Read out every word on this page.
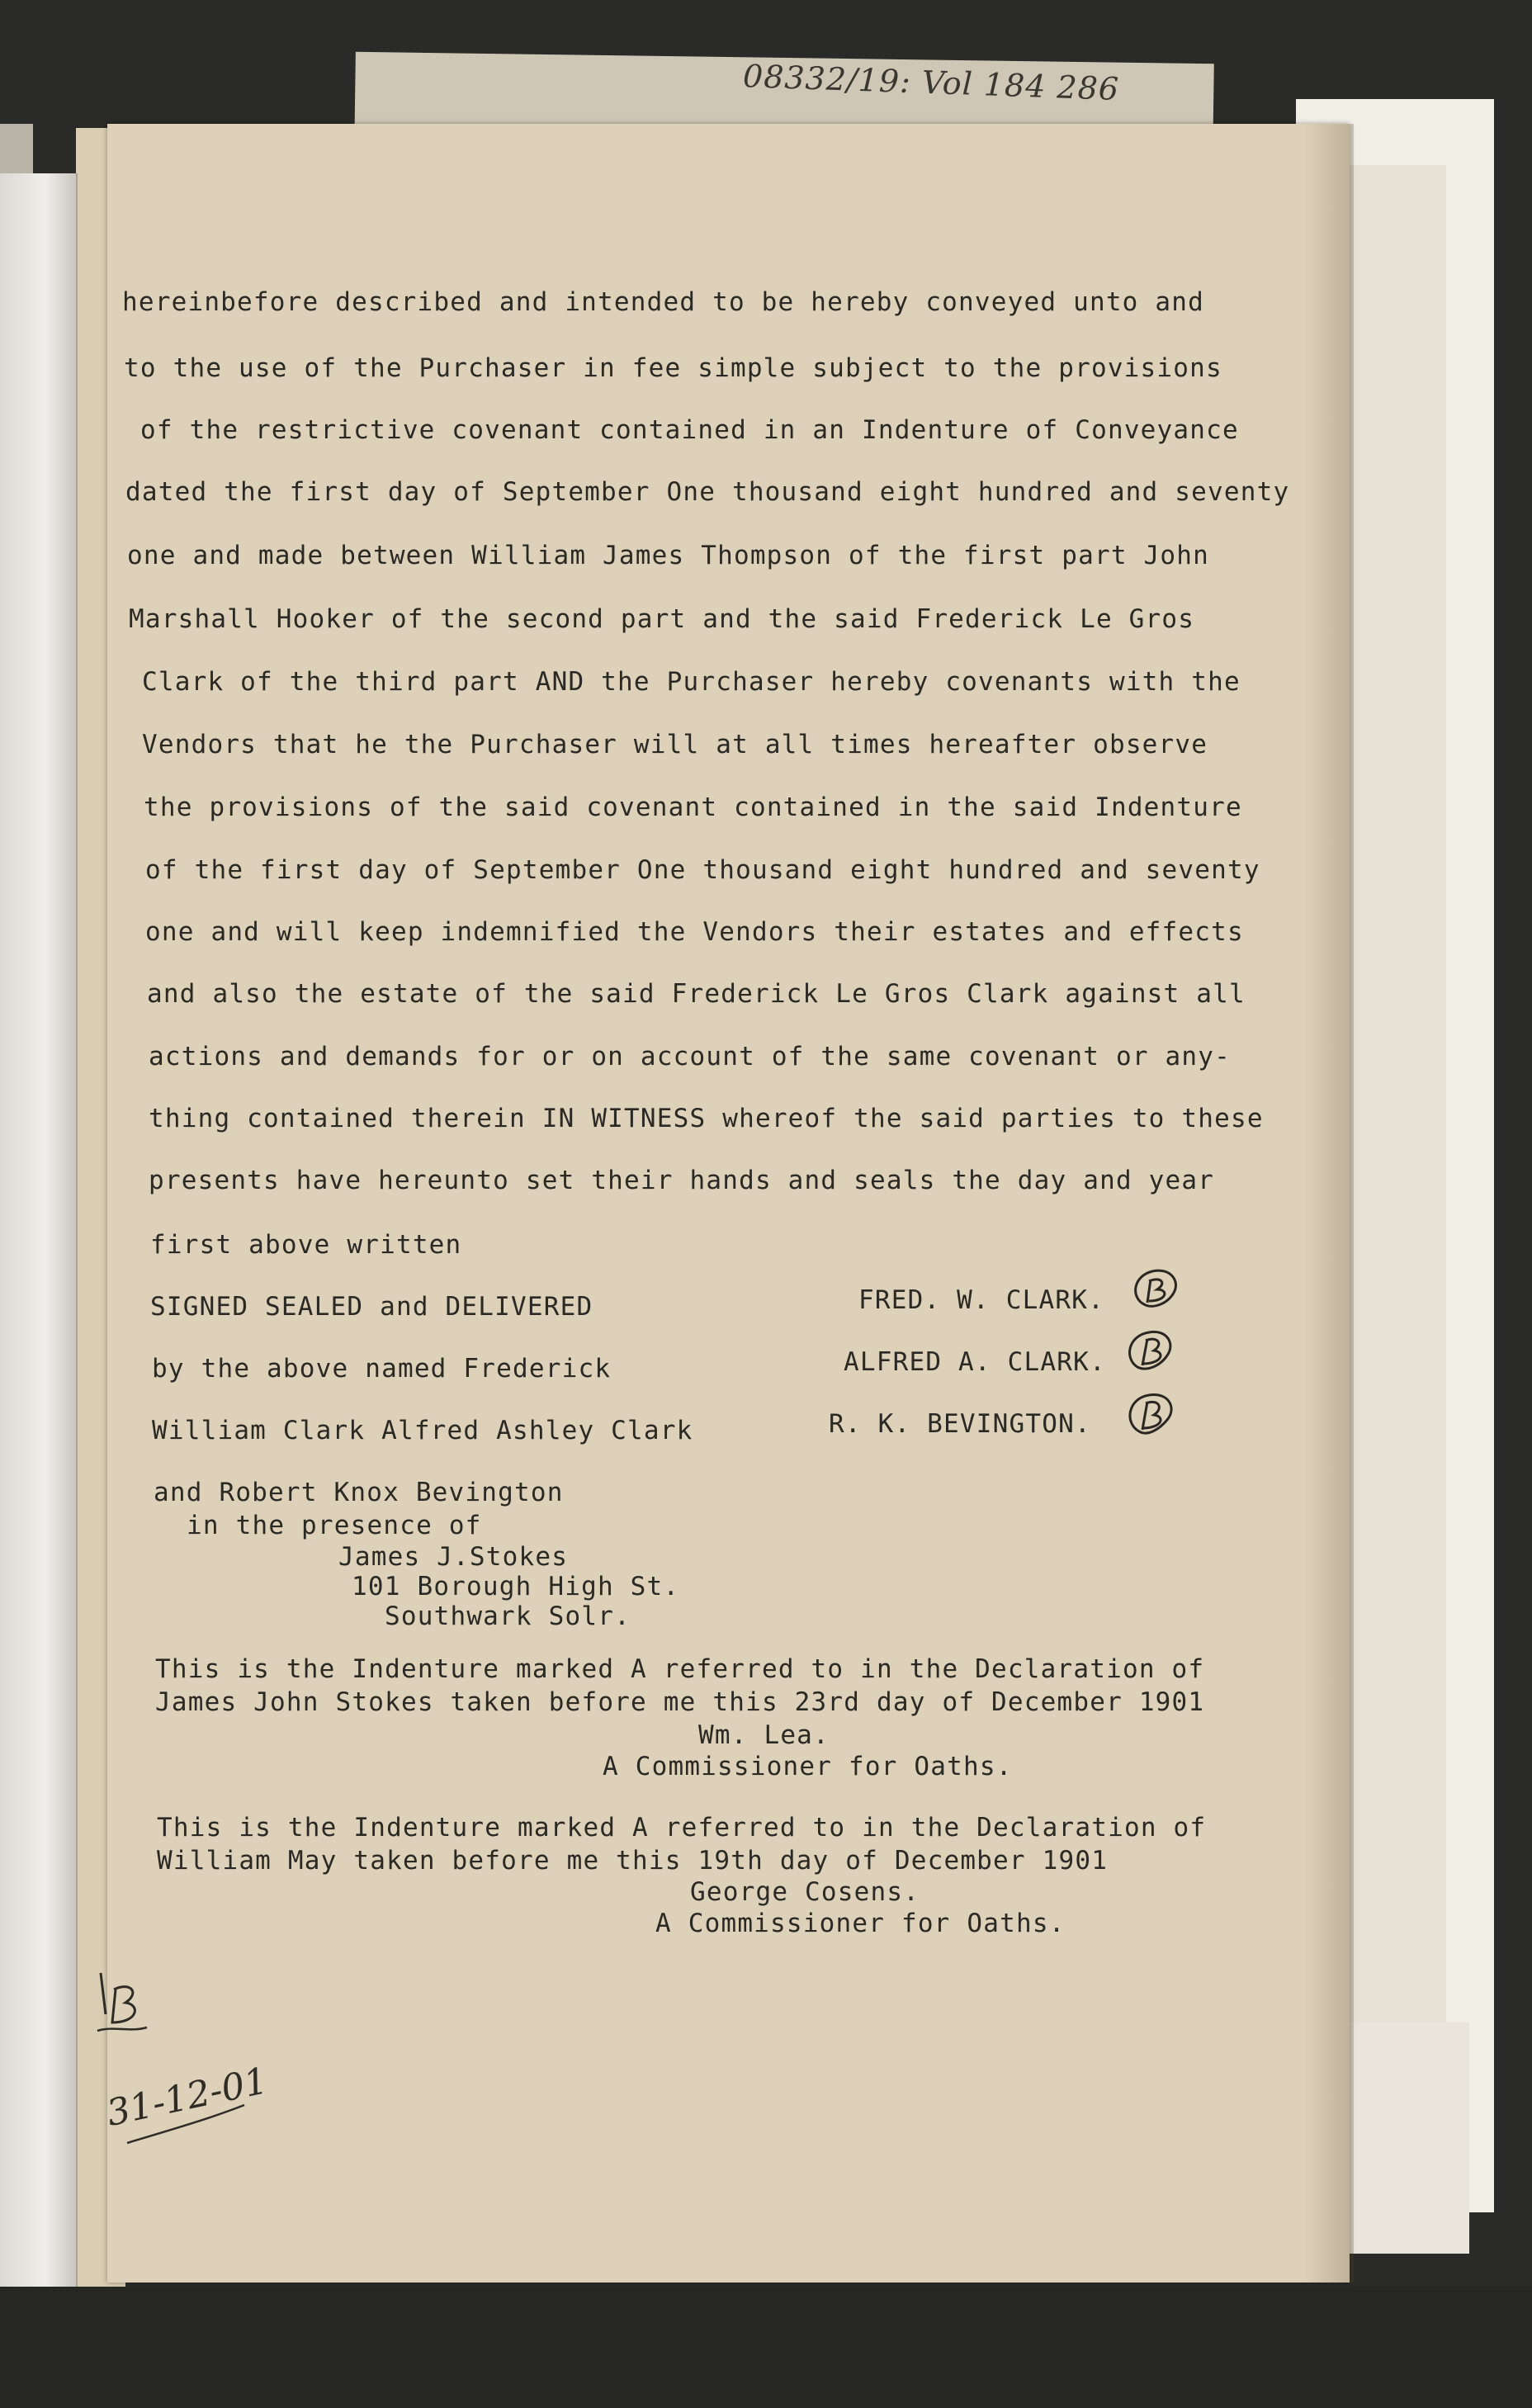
08332/19: Vol 184 286
hereinbefore described and intended to be hereby conveyed unto and
to the use of the Purchaser in fee simple subject to the provisions
of the restrictive covenant contained in an Indenture of Conveyance
dated the first day of September One thousand eight hundred and seventy
one and made between William James Thompson of the first part John
Marshall Hooker of the second part and the said Frederick Le Gros
Clark of the third part AND the Purchaser hereby covenants with the
Vendors that he the Purchaser will at all times hereafter observe
the provisions of the said covenant contained in the said Indenture
of the first day of September One thousand eight hundred and seventy
one and will keep indemnified the Vendors their estates and effects
and also the estate of the said Frederick Le Gros Clark against all
actions and demands for or on account of the same covenant or any-
thing contained therein IN WITNESS whereof the said parties to these
presents have hereunto set their hands and seals the day and year
first above written
SIGNED SEALED and DELIVERED
by the above named Frederick
William Clark Alfred Ashley Clark
and Robert Knox Bevington
in the presence of
James J.Stokes
101 Borough High St.
Southwark Solr.
FRED. W. CLARK.
ALFRED A. CLARK.
R. K. BEVINGTON.
This is the Indenture marked A referred to in the Declaration of
James John Stokes taken before me this 23rd day of December 1901
Wm. Lea.
A Commissioner for Oaths.
This is the Indenture marked A referred to in the Declaration of
William May taken before me this 19th day of December 1901
George Cosens.
A Commissioner for Oaths.
31-12-01
